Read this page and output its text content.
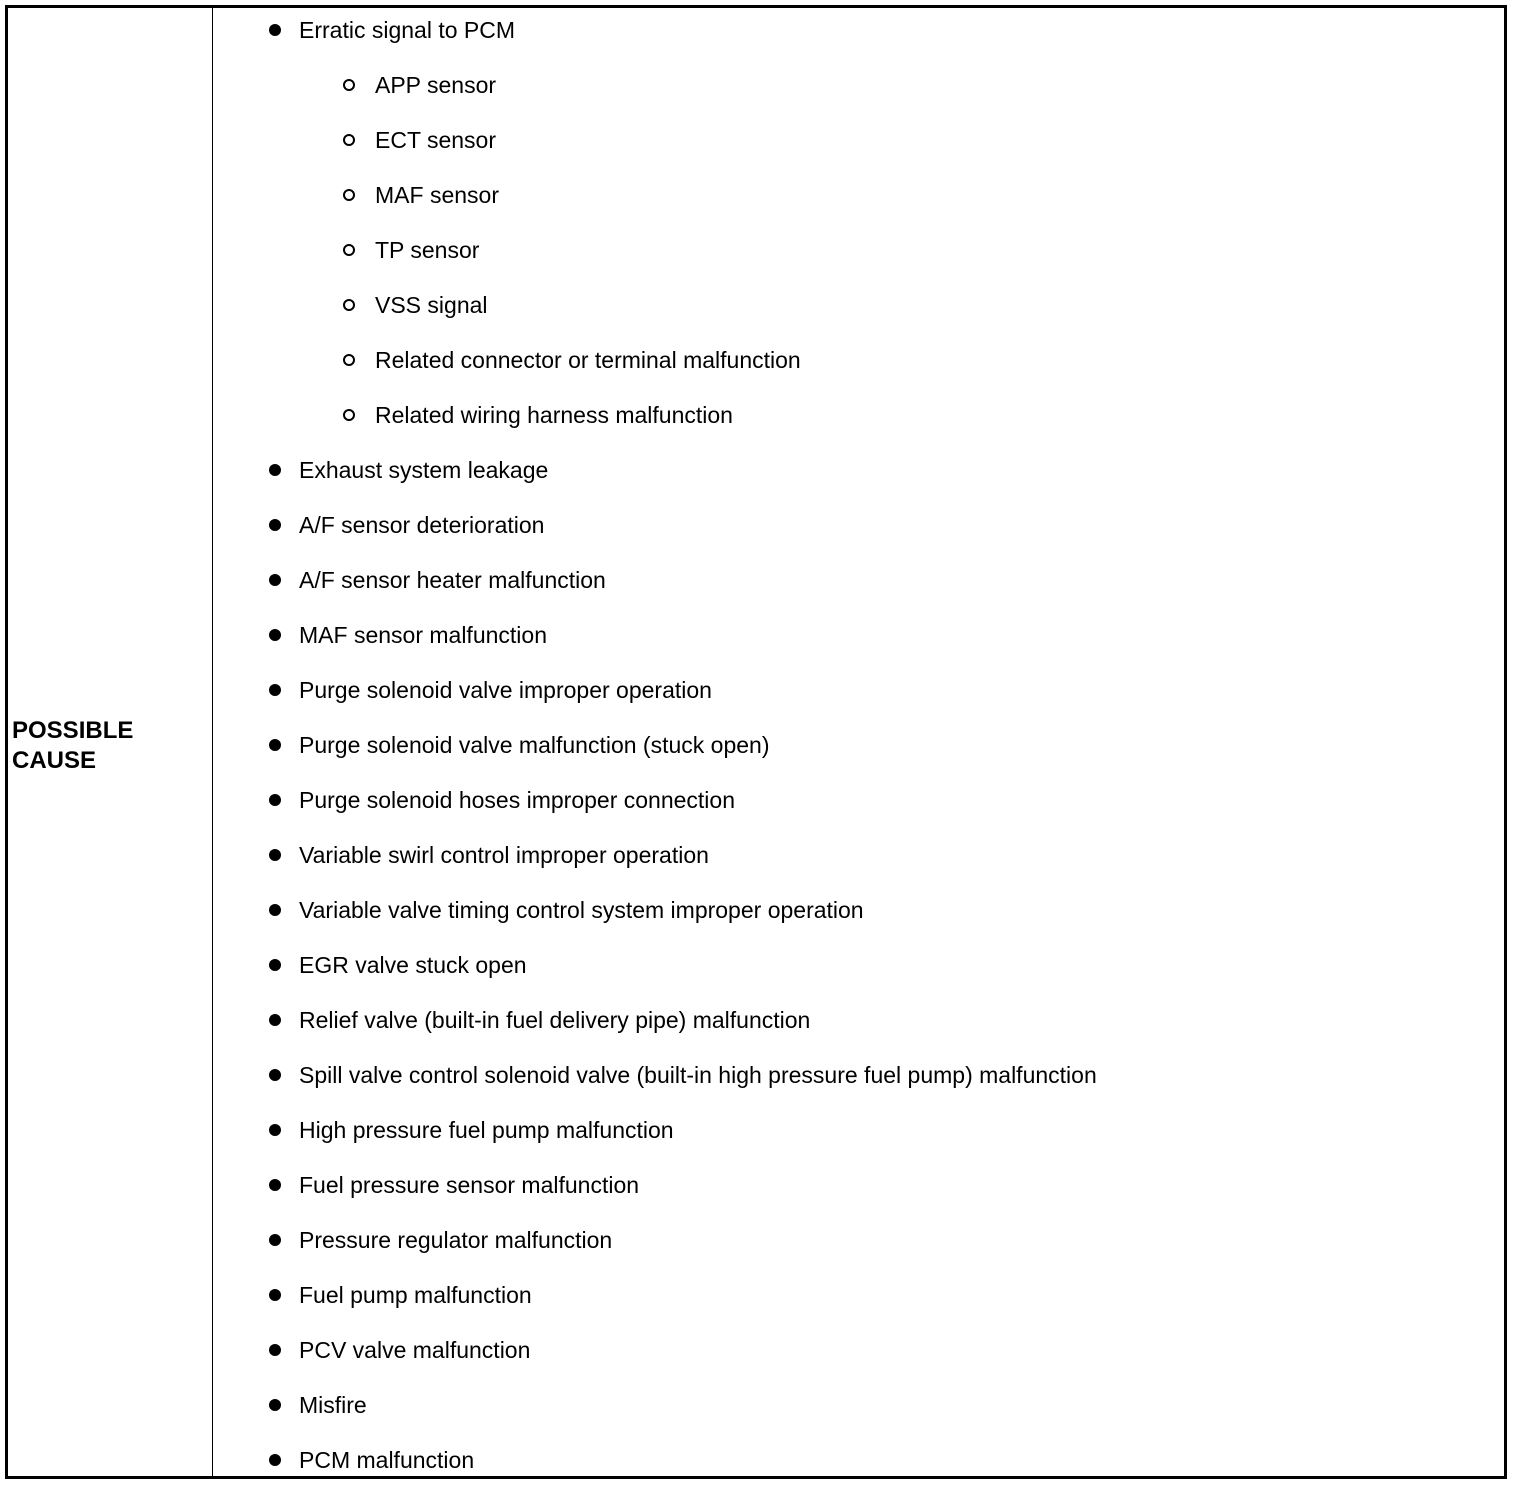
POSSIBLE CAUSE
Erratic signal to PCM
APP sensor
ECT sensor
MAF sensor
TP sensor
VSS signal
Related connector or terminal malfunction
Related wiring harness malfunction
Exhaust system leakage
A/F sensor deterioration
A/F sensor heater malfunction
MAF sensor malfunction
Purge solenoid valve improper operation
Purge solenoid valve malfunction (stuck open)
Purge solenoid hoses improper connection
Variable swirl control improper operation
Variable valve timing control system improper operation
EGR valve stuck open
Relief valve (built-in fuel delivery pipe) malfunction
Spill valve control solenoid valve (built-in high pressure fuel pump) malfunction
High pressure fuel pump malfunction
Fuel pressure sensor malfunction
Pressure regulator malfunction
Fuel pump malfunction
PCV valve malfunction
Misfire
PCM malfunction
